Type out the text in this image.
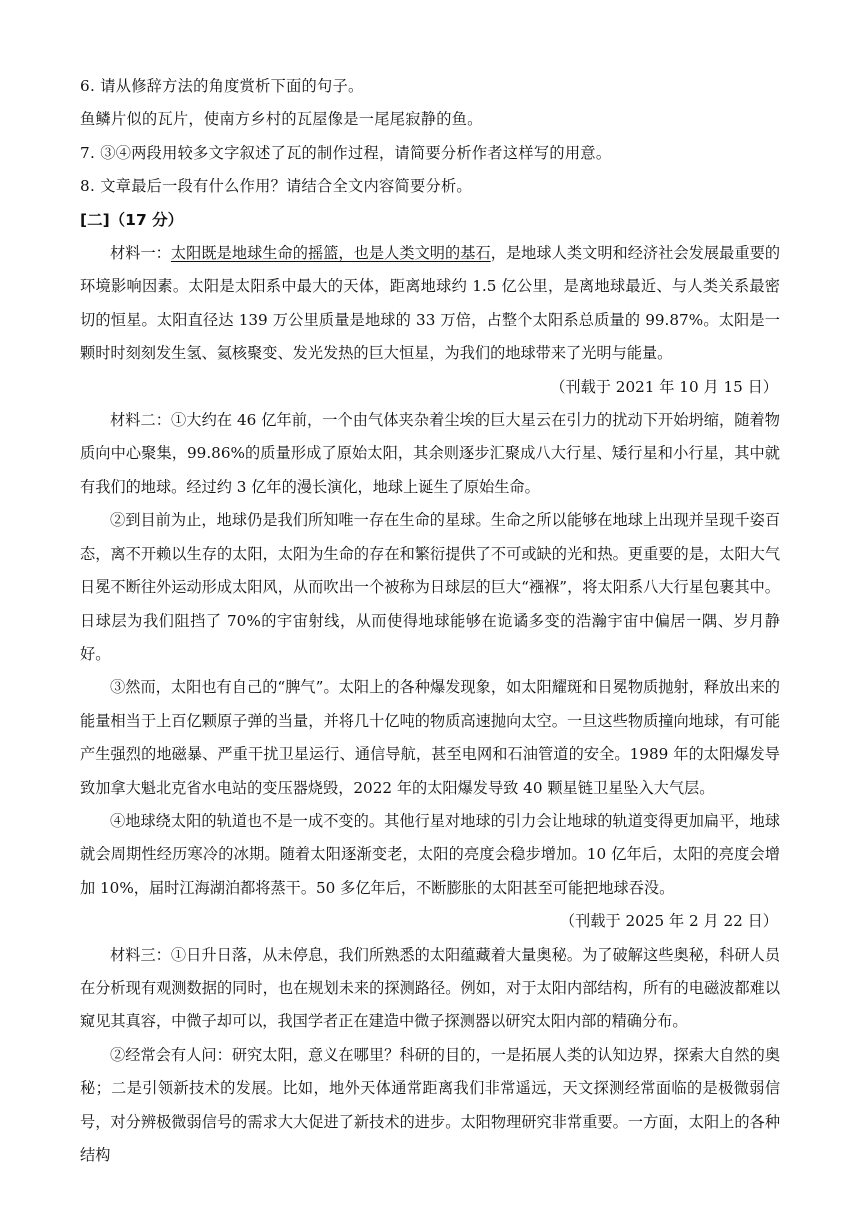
6. 请从修辞方法的角度赏析下面的句子。

鱼鳞片似的瓦片，使南方乡村的瓦屋像是一尾尾寂静的鱼。

7. ③④两段用较多文字叙述了瓦的制作过程，请简要分析作者这样写的用意。

8. 文章最后一段有什么作用？请结合全文内容简要分析。

[二]（17 分）

材料一：太阳既是地球生命的摇篮，也是人类文明的基石，是地球人类文明和经济社会发展最重要的环境影响因素。太阳是太阳系中最大的天体，距离地球约 1.5 亿公里，是离地球最近、与人类关系最密切的恒星。太阳直径达 139 万公里质量是地球的 33 万倍，占整个太阳系总质量的 99.87%。太阳是一颗时时刻刻发生氢、氦核聚变、发光发热的巨大恒星，为我们的地球带来了光明与能量。

（刊载于 2021 年 10 月 15 日）

材料二：①大约在 46 亿年前，一个由气体夹杂着尘埃的巨大星云在引力的扰动下开始坍缩，随着物质向中心聚集，99.86%的质量形成了原始太阳，其余则逐步汇聚成八大行星、矮行星和小行星，其中就有我们的地球。经过约 3 亿年的漫长演化，地球上诞生了原始生命。

②到目前为止，地球仍是我们所知唯一存在生命的星球。生命之所以能够在地球上出现并呈现千姿百态，离不开赖以生存的太阳，太阳为生命的存在和繁衍提供了不可或缺的光和热。更重要的是，太阳大气日冕不断往外运动形成太阳风，从而吹出一个被称为日球层的巨大“襁褓”，将太阳系八大行星包裹其中。日球层为我们阻挡了 70%的宇宙射线，从而使得地球能够在诡谲多变的浩瀚宇宙中偏居一隅、岁月静好。

③然而，太阳也有自己的“脾气”。太阳上的各种爆发现象，如太阳耀斑和日冕物质抛射，释放出来的能量相当于上百亿颗原子弹的当量，并将几十亿吨的物质高速抛向太空。一旦这些物质撞向地球，有可能产生强烈的地磁暴、严重干扰卫星运行、通信导航，甚至电网和石油管道的安全。1989 年的太阳爆发导致加拿大魁北克省水电站的变压器烧毁，2022 年的太阳爆发导致 40 颗星链卫星坠入大气层。

④地球绕太阳的轨道也不是一成不变的。其他行星对地球的引力会让地球的轨道变得更加扁平，地球就会周期性经历寒冷的冰期。随着太阳逐渐变老，太阳的亮度会稳步增加。10 亿年后，太阳的亮度会增加 10%，届时江海湖泊都将蒸干。50 多亿年后，不断膨胀的太阳甚至可能把地球吞没。

（刊载于 2025 年 2 月 22 日）

材料三：①日升日落，从未停息，我们所熟悉的太阳蕴藏着大量奥秘。为了破解这些奥秘，科研人员在分析现有观测数据的同时，也在规划未来的探测路径。例如，对于太阳内部结构，所有的电磁波都难以窥见其真容，中微子却可以，我国学者正在建造中微子探测器以研究太阳内部的精确分布。

②经常会有人问：研究太阳，意义在哪里？科研的目的，一是拓展人类的认知边界，探索大自然的奥秘；二是引领新技术的发展。比如，地外天体通常距离我们非常遥远，天文探测经常面临的是极微弱信号，对分辨极微弱信号的需求大大促进了新技术的进步。太阳物理研究非常重要。一方面，太阳上的各种结构
